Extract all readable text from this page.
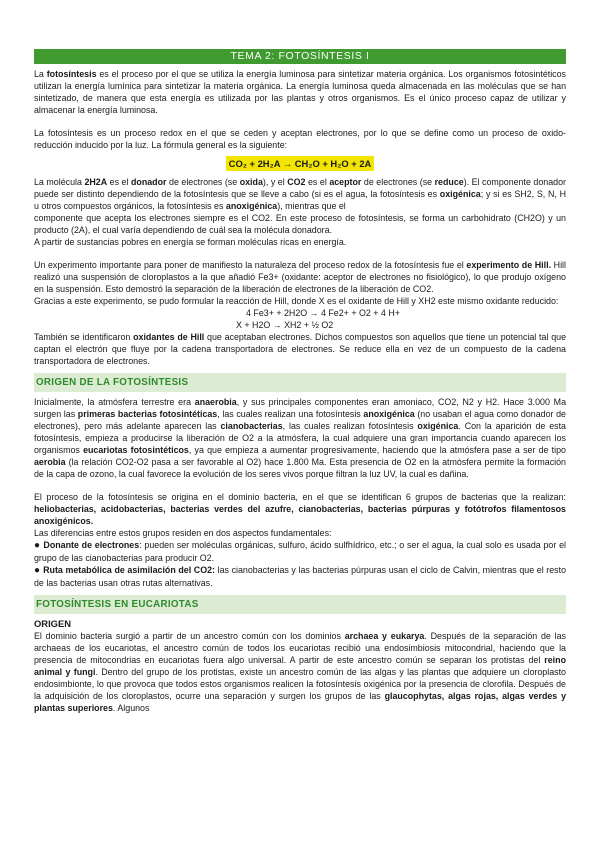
TEMA 2: FOTOSÍNTESIS I

La fotosíntesis es el proceso por el que se utiliza la energía luminosa para sintetizar materia orgánica. Los organismos fotosintéticos utilizan la energía lumínica para sintetizar la materia orgánica. La energía luminosa queda almacenada en las moléculas que se han sintetizado, de manera que esta energía es utilizada por las plantas y otros organismos. Es el único proceso capaz de utilizar y almacenar la energía luminosa.

La fotosíntesis es un proceso redox en el que se ceden y aceptan electrones, por lo que se define como un proceso de oxido-reducción inducido por la luz. La fórmula general es la siguiente:

CO₂ + 2H₂A → CH₂O + H₂O + 2A

La molécula 2H2A es el donador de electrones (se oxida), y el CO2 es el aceptor de electrones (se reduce). El componente donador puede ser distinto dependiendo de la fotosíntesis que se lleve a cabo (si es el agua, la fotosíntesis es oxigénica; y si es SH2, S, N, H u otros compuestos orgánicos, la fotosíntesis es anoxigénica), mientras que el

componente que acepta los electrones siempre es el CO2. En este proceso de fotosíntesis, se forma un carbohidrato (CH2O) y un producto (2A), el cual varía dependiendo de cuál sea la molécula donadora.

A partir de sustancias pobres en energía se forman moléculas ricas en energía.

Un experimento importante para poner de manifiesto la naturaleza del proceso redox de la fotosíntesis fue el experimento de Hill. Hill realizó una suspensión de cloroplastos a la que añadió Fe3+ (oxidante: aceptor de electrones no fisiológico), lo que produjo oxígeno en la suspensión. Esto demostró la separación de la liberación de electrones de la liberación de CO2.

Gracias a este experimento, se pudo formular la reacción de Hill, donde X es el oxidante de Hill y XH2 este mismo oxidante reducido:

4 Fe3+ + 2H2O → 4 Fe2+ + O2 + 4 H+
X + H2O → XH2 + ½ O2

También se identificaron oxidantes de Hill que aceptaban electrones. Dichos compuestos son aquellos que tiene un potencial tal que captan el electrón que fluye por la cadena transportadora de electrones. Se reduce ella en vez de un compuesto de la cadena transportadora de electrones.

ORIGEN DE LA FOTOSÍNTESIS

Inicialmente, la atmósfera terrestre era anaerobia, y sus principales componentes eran amoniaco, CO2, N2 y H2. Hace 3.000 Ma surgen las primeras bacterias fotosintéticas, las cuales realizan una fotosíntesis anoxigénica (no usaban el agua como donador de electrones), pero más adelante aparecen las cianobacterias, las cuales realizan fotosíntesis oxigénica. Con la aparición de esta fotosíntesis, empieza a producirse la liberación de O2 a la atmósfera, la cual adquiere una gran importancia cuando aparecen los organismos eucariotas fotosintéticos, ya que empieza a aumentar progresivamente, haciendo que la atmósfera pase a ser de tipo aerobia (la relación CO2-O2 pasa a ser favorable al O2) hace 1.800 Ma. Esta presencia de O2 en la atmósfera permite la formación de la capa de ozono, la cual favorece la evolución de los seres vivos porque filtran la luz UV, la cual es dañina.

El proceso de la fotosíntesis se origina en el dominio bacteria, en el que se identifican 6 grupos de bacterias que la realizan: heliobacterias, acidobacterias, bacterias verdes del azufre, cianobacterias, bacterias púrpuras y fotótrofos filamentosos anoxigénicos.

Las diferencias entre estos grupos residen en dos aspectos fundamentales:

● Donante de electrones: pueden ser moléculas orgánicas, sulfuro, ácido sulfhídrico, etc.; o ser el agua, la cual solo es usada por el grupo de las cianobacterias para producir O2.

● Ruta metabólica de asimilación del CO2: las cianobacterias y las bacterias púrpuras usan el ciclo de Calvin, mientras que el resto de las bacterias usan otras rutas alternativas.

FOTOSÍNTESIS EN EUCARIOTAS
ORIGEN

El dominio bacteria surgió a partir de un ancestro común con los dominios archaea y eukarya. Después de la separación de las archaeas de los eucariotas, el ancestro común de todos los eucariotas recibió una endosimbiosis mitocondrial, haciendo que la presencia de mitocondrias en eucariotas fuera algo universal. A partir de este ancestro común se separan los protistas del reino animal y fungi. Dentro del grupo de los protistas, existe un ancestro común de las algas y las plantas que adquiere un cloroplasto endosimbionte, lo que provoca que todos estos organismos realicen la fotosíntesis oxigénica por la presencia de clorofila. Después de la adquisición de los cloroplastos, ocurre una separación y surgen los grupos de las glaucophytas, algas rojas, algas verdes y plantas superiores. Algunos
